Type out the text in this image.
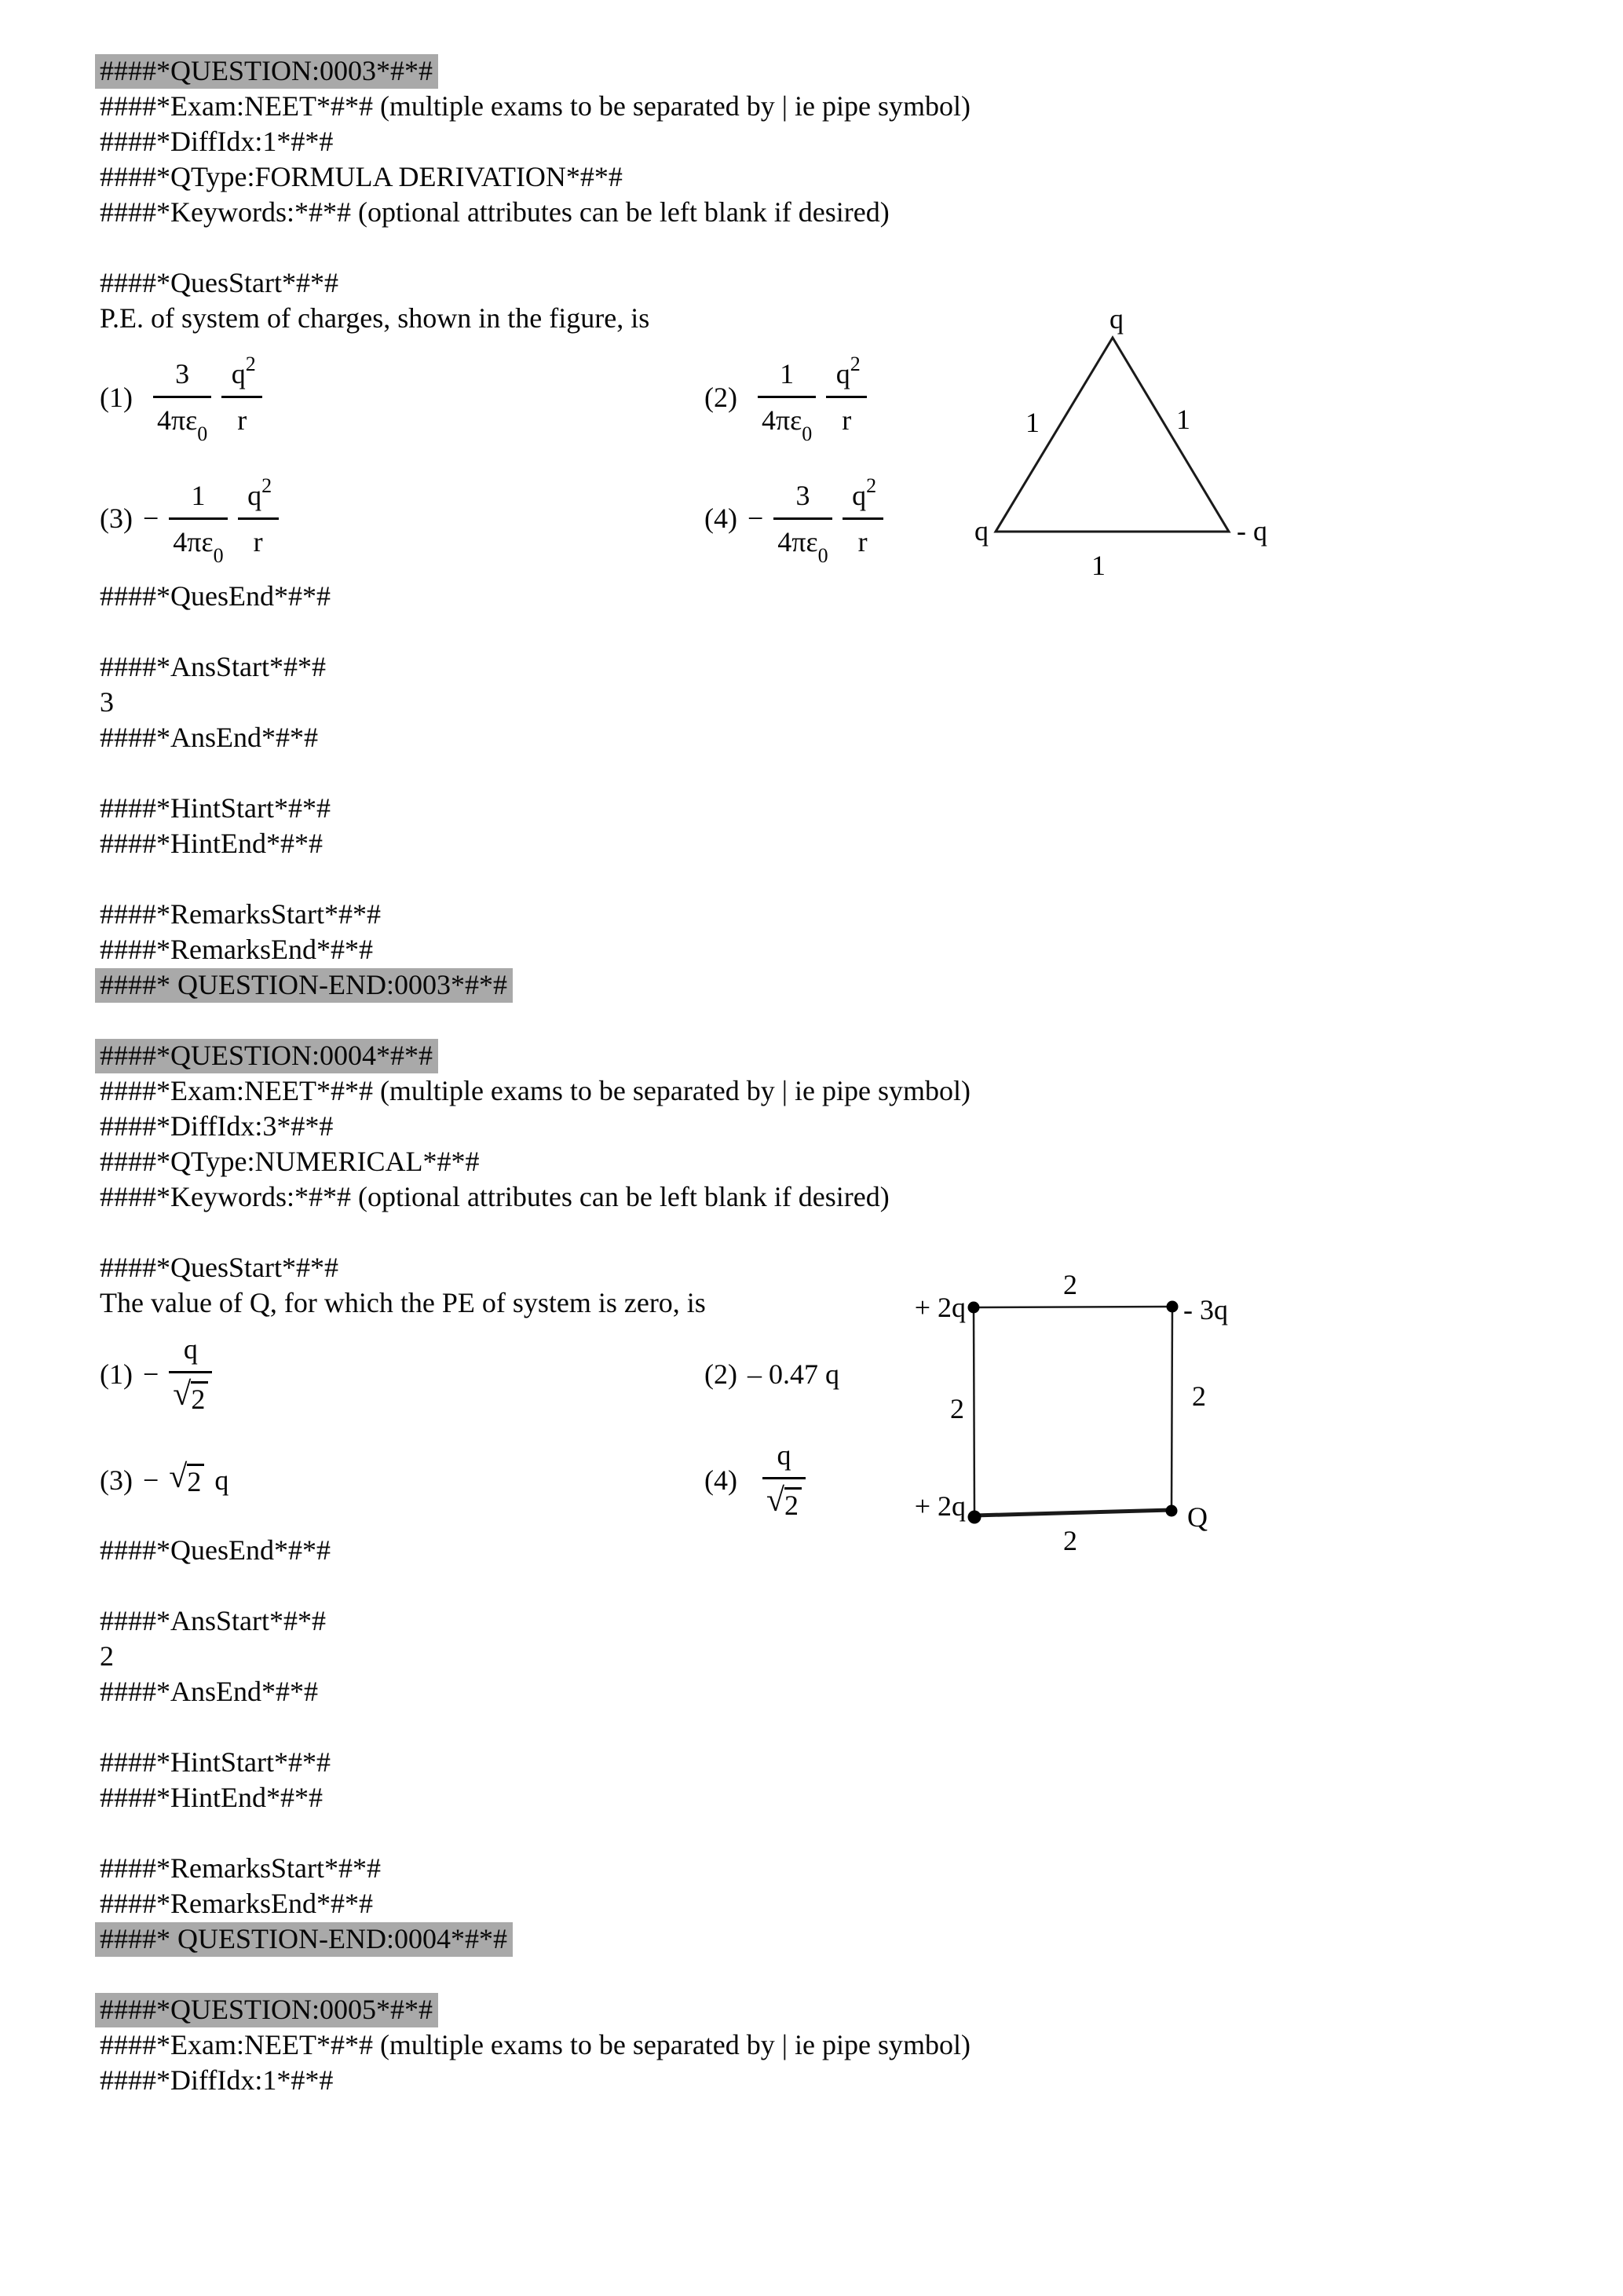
####*QUESTION:0003*#*#
####*Exam:NEET*#*# (multiple exams to be separated by | ie pipe symbol)
####*DiffIdx:1*#*#
####*QType:FORMULA DERIVATION*#*#
####*Keywords:*#*# (optional attributes can be left blank if desired)
####*QuesStart*#*#
P.E. of system of charges, shown in the figure, is
$(1) \frac{3}{4\pi\varepsilon_0} \frac{q^2}{r}$	$(2) \frac{1}{4\pi\varepsilon_0} \frac{q^2}{r}$
$(3) - \frac{1}{4\pi\varepsilon_0} \frac{q^2}{r}$	$(4) - \frac{3}{4\pi\varepsilon_0} \frac{q^2}{r}$
####*QuesEnd*#*#
####*AnsStart*#*#
3
####*AnsEnd*#*#
####*HintStart*#*#
####*HintEnd*#*#
####*RemarksStart*#*#
####*RemarksEnd*#*#
####* QUESTION-END:0003*#*#
####*QUESTION:0004*#*#
####*Exam:NEET*#*# (multiple exams to be separated by | ie pipe symbol)
####*DiffIdx:3*#*#
####*QType:NUMERICAL*#*#
####*Keywords:*#*# (optional attributes can be left blank if desired)
####*QuesStart*#*#
The value of Q, for which the PE of system is zero, is
$(1) - \frac{q}{√ 2}$	(2) – 0.47 q
(3) − √ 2 q	$(4) \frac{q}{√ 2}$
####*QuesEnd*#*#
####*AnsStart*#*#
2
####*AnsEnd*#*#
####*HintStart*#*#
####*HintEnd*#*#
####*RemarksStart*#*#
####*RemarksEnd*#*#
####* QUESTION-END:0004*#*#
####*QUESTION:0005*#*#
####*Exam:NEET*#*# (multiple exams to be separated by | ie pipe symbol)
####*DiffIdx:1*#*#
q
q	- q
1	1
1
+ 2q	- 3q
+ 2q	Q
2
2	2
2
